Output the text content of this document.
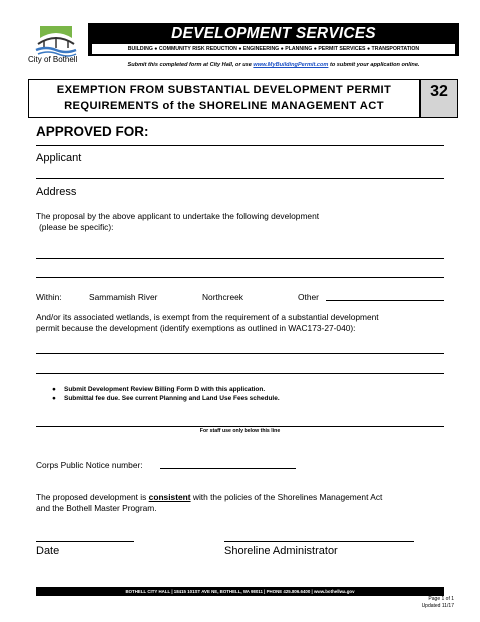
City of Bothell
DEVELOPMENT SERVICES
BUILDING ● COMMUNITY RISK REDUCTION ● ENGINEERING ● PLANNING ● PERMIT SERVICES ● TRANSPORTATION
Submit this completed form at City Hall, or use www.MyBuildingPermit.com to submit your application online.
EXEMPTION FROM SUBSTANTIAL DEVELOPMENT PERMIT
REQUIREMENTS of the SHORELINE MANAGEMENT ACT
32
APPROVED FOR:
Applicant
Address
The proposal by the above applicant to undertake the following development
(please be specific):
Within:	Sammamish River	Northcreek	Other
And/or its associated wetlands, is exempt from the requirement of a substantial development
permit because the development (identify exemptions as outlined in WAC173-27-040):
● Submit Development Review Billing Form D with this application.
● Submittal fee due. See current Planning and Land Use Fees schedule.
For staff use only below this line
Corps Public Notice number:
The proposed development is consistent with the policies of the Shorelines Management Act
and the Bothell Master Program.
Date	Shoreline Administrator
BOTHELL CITY HALL | 18415 101ST AVE NE, BOTHELL, WA 98011 | PHONE 425.806.6400 | www.bothellwa.gov
Page 1 of 1
Updated 11/17
